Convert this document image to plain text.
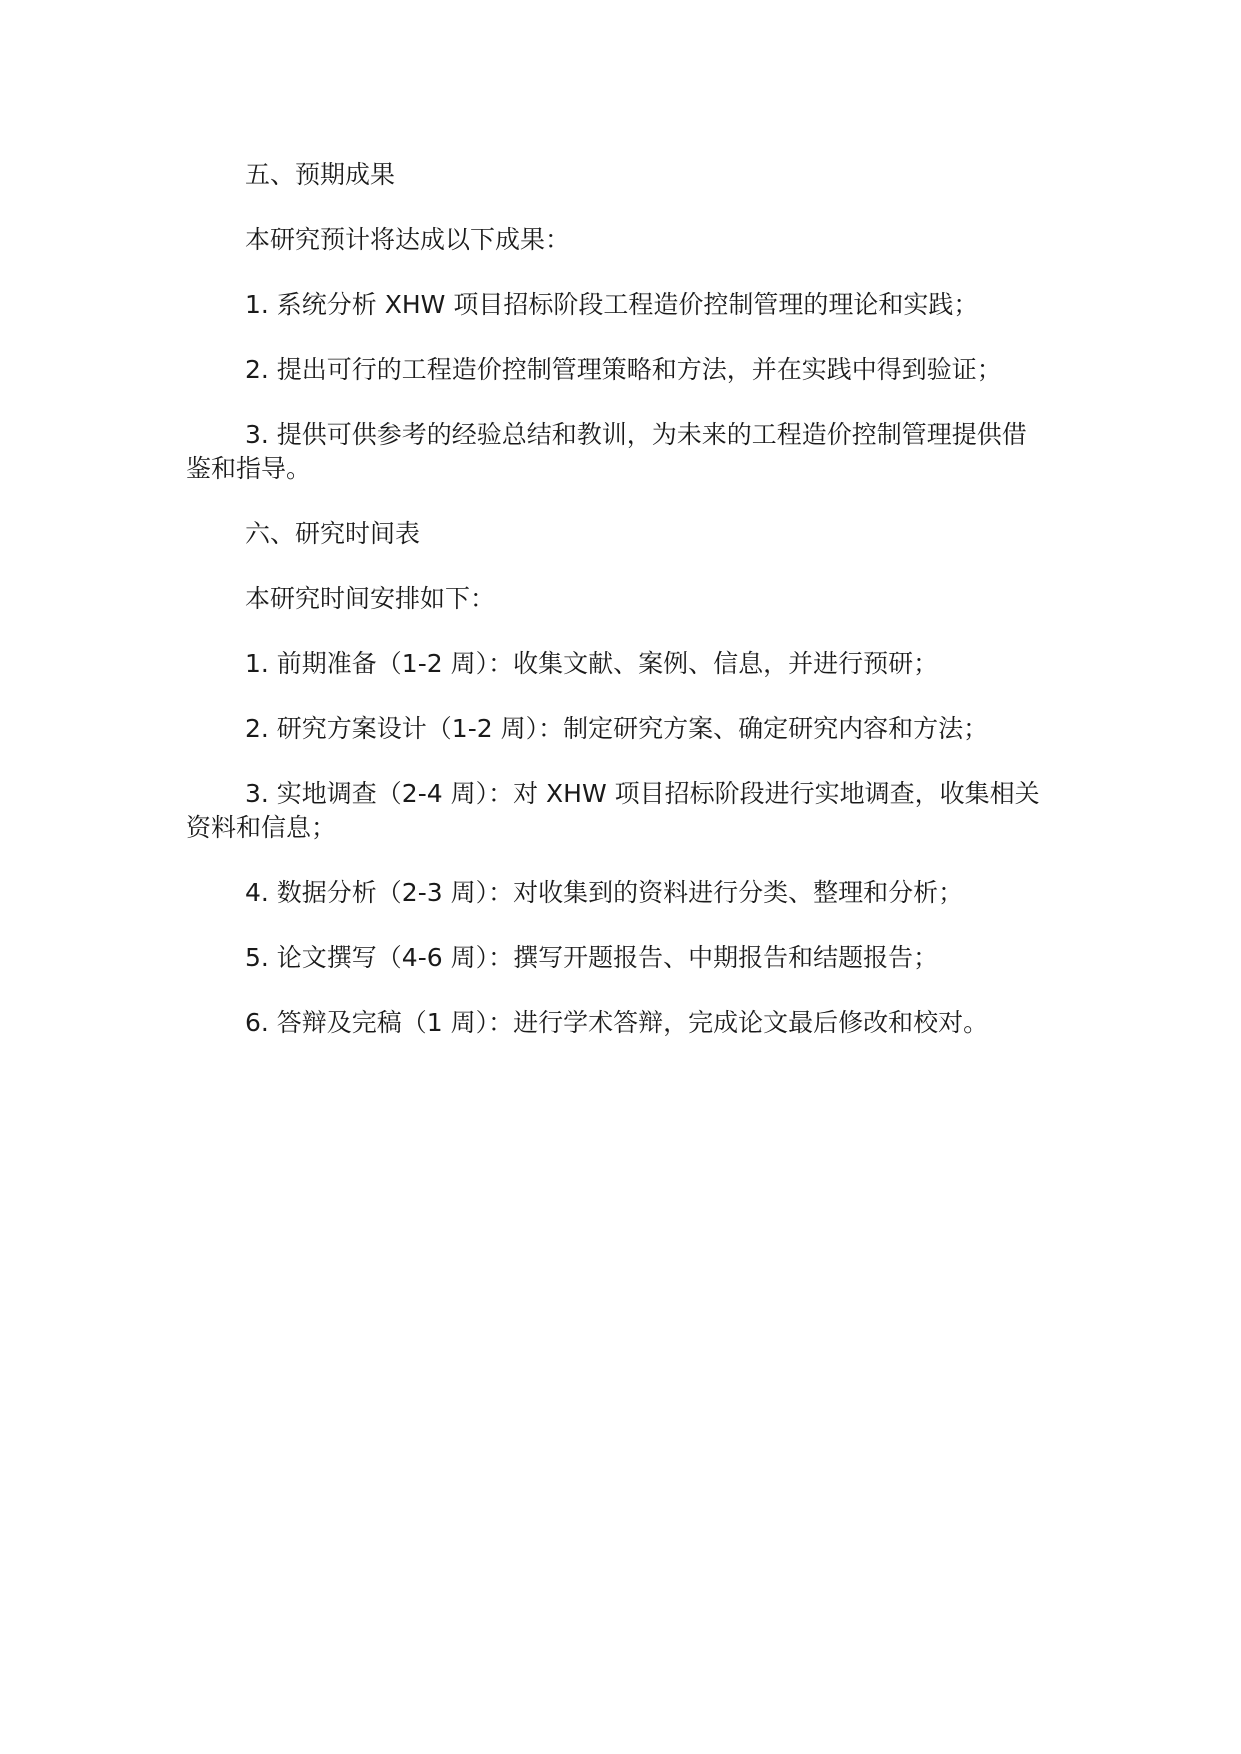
五、预期成果

本研究预计将达成以下成果：

1. 系统分析 XHW 项目招标阶段工程造价控制管理的理论和实践；

2. 提出可行的工程造价控制管理策略和方法，并在实践中得到验证；

3. 提供可供参考的经验总结和教训，为未来的工程造价控制管理提供借鉴和指导。

六、研究时间表

本研究时间安排如下：

1. 前期准备（1-2 周）：收集文献、案例、信息，并进行预研；

2. 研究方案设计（1-2 周）：制定研究方案、确定研究内容和方法；

3. 实地调查（2-4 周）：对 XHW 项目招标阶段进行实地调查，收集相关资料和信息；

4. 数据分析（2-3 周）：对收集到的资料进行分类、整理和分析；

5. 论文撰写（4-6 周）：撰写开题报告、中期报告和结题报告；

6. 答辩及完稿（1 周）：进行学术答辩，完成论文最后修改和校对。
